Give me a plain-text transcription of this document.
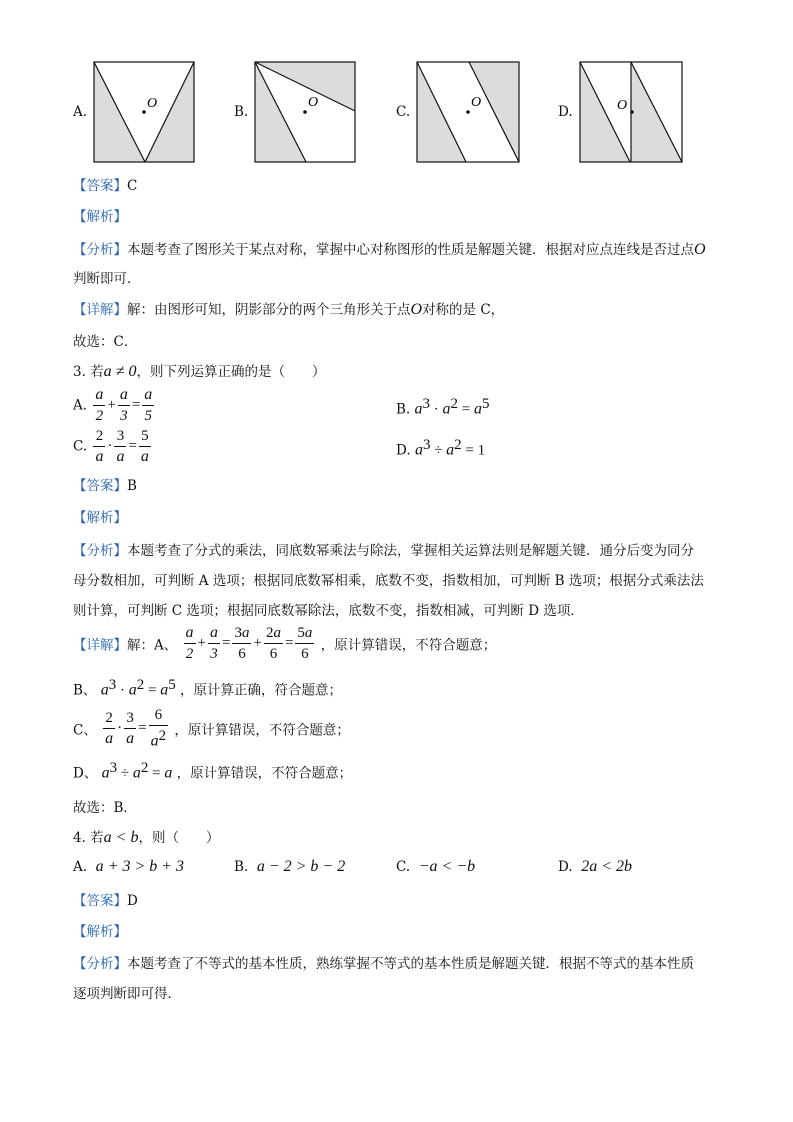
A.
O
B.
O
C.
O
D.	O
【答案】C
【解析】
【分析】本题考查了图形关于某点对称，掌握中心对称图形的性质是解题关键．根据对应点连线是否过点O
判断即可．
【详解】解：由图形可知，阴影部分的两个三角形关于点O对称的是 C，
故选：C．
3. 若a ≠ 0，则下列运算正确的是（　　）
A. $\frac{a}{2} + \frac{a}{3} = \frac{a}{5}$	B. $a^3 \cdot a^2 = a^5$
C. $\frac{2}{a} \cdot \frac{3}{a} = \frac{5}{a}$	D. $a^3 \div a^2 = 1$
【答案】B
【解析】
【分析】本题考查了分式的乘法，同底数幂乘法与除法，掌握相关运算法则是解题关键．通分后变为同分
母分数相加，可判断 A 选项；根据同底数幂相乘，底数不变，指数相加，可判断 B 选项；根据分式乘法法
则计算，可判断 C 选项；根据同底数幂除法，底数不变，指数相减，可判断 D 选项．
【详解】解：A、 $\frac{a}{2} + \frac{a}{3} = \frac{3a}{6} + \frac{2a}{6} = \frac{5a}{6}$ ，原计算错误，不符合题意；
B、 $a^3 \cdot a^2 = a^5$ ，原计算正确，符合题意；
C、 $\frac{2}{a} \cdot \frac{3}{a} = \frac{6}{a^2}$ ，原计算错误，不符合题意；
D、 $a^3 \div a^2 = a$ ，原计算错误，不符合题意；
故选：B．
4. 若a < b，则（　　）
A. a + 3 > b + 3	B. a − 2 > b − 2	C. −a < −b	D. 2a < 2b
【答案】D
【解析】
【分析】本题考查了不等式的基本性质，熟练掌握不等式的基本性质是解题关键．根据不等式的基本性质
逐项判断即可得．
